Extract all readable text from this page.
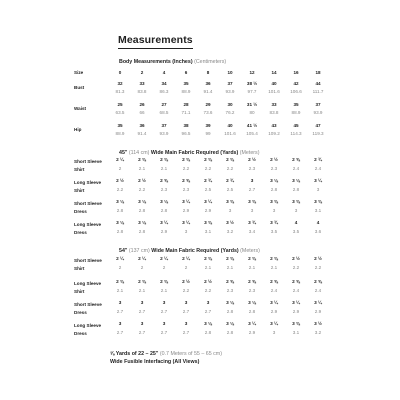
Measurements
Body Measurements (Inches) (Centimeters)
Size	0	2	4	6	8	10	12	14	16	18
Bust
32	33	34	35	36	37	38 ½	40	42	44
81.3	83.8	86.3	88.9	91.4	93.9	97.7	101.6	106.6	111.7
Waist
25	26	27	28	29	30	31 ½	33	35	37
63.5	66	68.5	71.1	73.6	76.2	80	83.8	88.9	93.9
Hip
35	36	37	38	39	40	41 ½	43	45	47
88.9	91.4	93.9	96.5	99	101.6	105.4	109.2	114.3	119.3
45" (114 cm) Wide Main Fabric Required (Yards) (Meters)
Short Sleeve
Shirt
2 ¼	2 ⅜	2 ⅜	2 ⅜	2 ⅜	2 ⅜	2 ½	2 ½	2 ⅝	2 ¾
2	2.1	2.1	2.2	2.2	2.2	2.3	2.3	2.4	2.4
Long Sleeve
Shirt
2 ½	2 ½	2 ⅝	2 ⅝	2 ¾	2 ¾	3	3 ⅛	3 ⅛	3 ¼
2.2	2.2	2.3	2.3	2.5	2.5	2.7	2.8	2.8	3
Short Sleeve
Dress
3 ⅛	3 ⅛	3 ⅛	3 ¼	3 ¼	3 ⅜	3 ⅜	3 ⅜	3 ⅜	3 ⅜
2.8	2.8	2.8	2.9	2.9	3	3	3	3	3.1
Long Sleeve
Dress
3 ⅛	3 ⅛	3 ¼	3 ¼	3 ⅜	3 ½	3 ¾	3 ¾	4	4
2.8	2.8	2.9	3	3.1	3.2	3.4	3.5	3.5	3.6
54" (137 cm) Wide Main Fabric Required (Yards) (Meters)
Short Sleeve
Shirt
2 ¼	2 ¼	2 ¼	2 ¼	2 ⅜	2 ⅜	2 ⅜	2 ⅜	2 ½	2 ½
2	2	2	2	2.1	2.1	2.1	2.1	2.2	2.2
Long Sleeve
Shirt
2 ⅜	2 ⅜	2 ⅜	2 ½	2 ½	2 ⅝	2 ⅝	2 ⅝	2 ⅝	2 ⅝
2.1	2.1	2.1	2.2	2.2	2.3	2.3	2.4	2.4	2.4
Short Sleeve
Dress
3	3	3	3	3	3 ⅛	3 ⅛	3 ¼	3 ¼	3 ¼
2.7	2.7	2.7	2.7	2.7	2.8	2.8	2.9	2.9	2.9
Long Sleeve
Dress
3	3	3	3	3 ⅛	3 ⅛	3 ¼	3 ¼	3 ⅜	3 ½
2.7	2.7	2.7	2.7	2.8	2.8	2.9	3	3.1	3.2
⅝ Yards of 22 – 25" (0.7 Meters of 55 – 65 cm)
Wide Fusible Interfacing (All Views)
